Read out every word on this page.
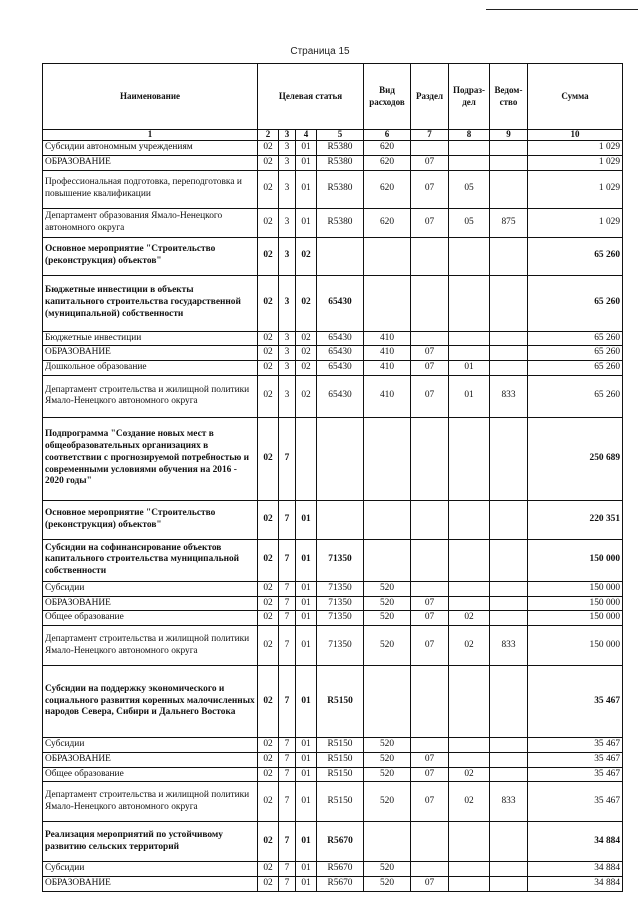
Страница 15
Наименование	Целевая статья				Вид расходов	Раздел	Подраз-дел	Ведом-ство	Сумма
1	2	3	4	5	6	7	8	9	10
Субсидии автономным учреждениям	02	3	01	R5380	620				1 029
ОБРАЗОВАНИЕ	02	3	01	R5380	620	07			1 029
Профессиональная подготовка, переподготовка и повышение квалификации	02	3	01	R5380	620	07	05		1 029
Департамент образования Ямало-Ненецкого автономного округа	02	3	01	R5380	620	07	05	875	1 029
Основное мероприятие "Строительство (реконструкция) объектов"	02	3	02						65 260
Бюджетные инвестиции в объекты капитального строительства государственной (муниципальной) собственности	02	3	02	65430					65 260
Бюджетные инвестиции	02	3	02	65430	410				65 260
ОБРАЗОВАНИЕ	02	3	02	65430	410	07			65 260
Дошкольное образование	02	3	02	65430	410	07	01		65 260
Департамент строительства и жилищной политики Ямало-Ненецкого автономного округа	02	3	02	65430	410	07	01	833	65 260
Подпрограмма "Создание новых мест в общеобразовательных организациях в соответствии с прогнозируемой потребностью и современными условиями обучения на 2016 - 2020 годы"	02	7							250 689
Основное мероприятие "Строительство (реконструкция) объектов"	02	7	01						220 351
Субсидии на софинансирование объектов капитального строительства муниципальной собственности	02	7	01	71350					150 000
Субсидии	02	7	01	71350	520				150 000
ОБРАЗОВАНИЕ	02	7	01	71350	520	07			150 000
Общее образование	02	7	01	71350	520	07	02		150 000
Департамент строительства и жилищной политики Ямало-Ненецкого автономного округа	02	7	01	71350	520	07	02	833	150 000
Субсидии на поддержку экономического и социального развития коренных малочисленных народов Севера, Сибири и Дальнего Востока	02	7	01	R5150					35 467
Субсидии	02	7	01	R5150	520				35 467
ОБРАЗОВАНИЕ	02	7	01	R5150	520	07			35 467
Общее образование	02	7	01	R5150	520	07	02		35 467
Департамент строительства и жилищной политики Ямало-Ненецкого автономного округа	02	7	01	R5150	520	07	02	833	35 467
Реализация мероприятий по устойчивому развитию сельских территорий	02	7	01	R5670					34 884
Субсидии	02	7	01	R5670	520				34 884
ОБРАЗОВАНИЕ	02	7	01	R5670	520	07			34 884
